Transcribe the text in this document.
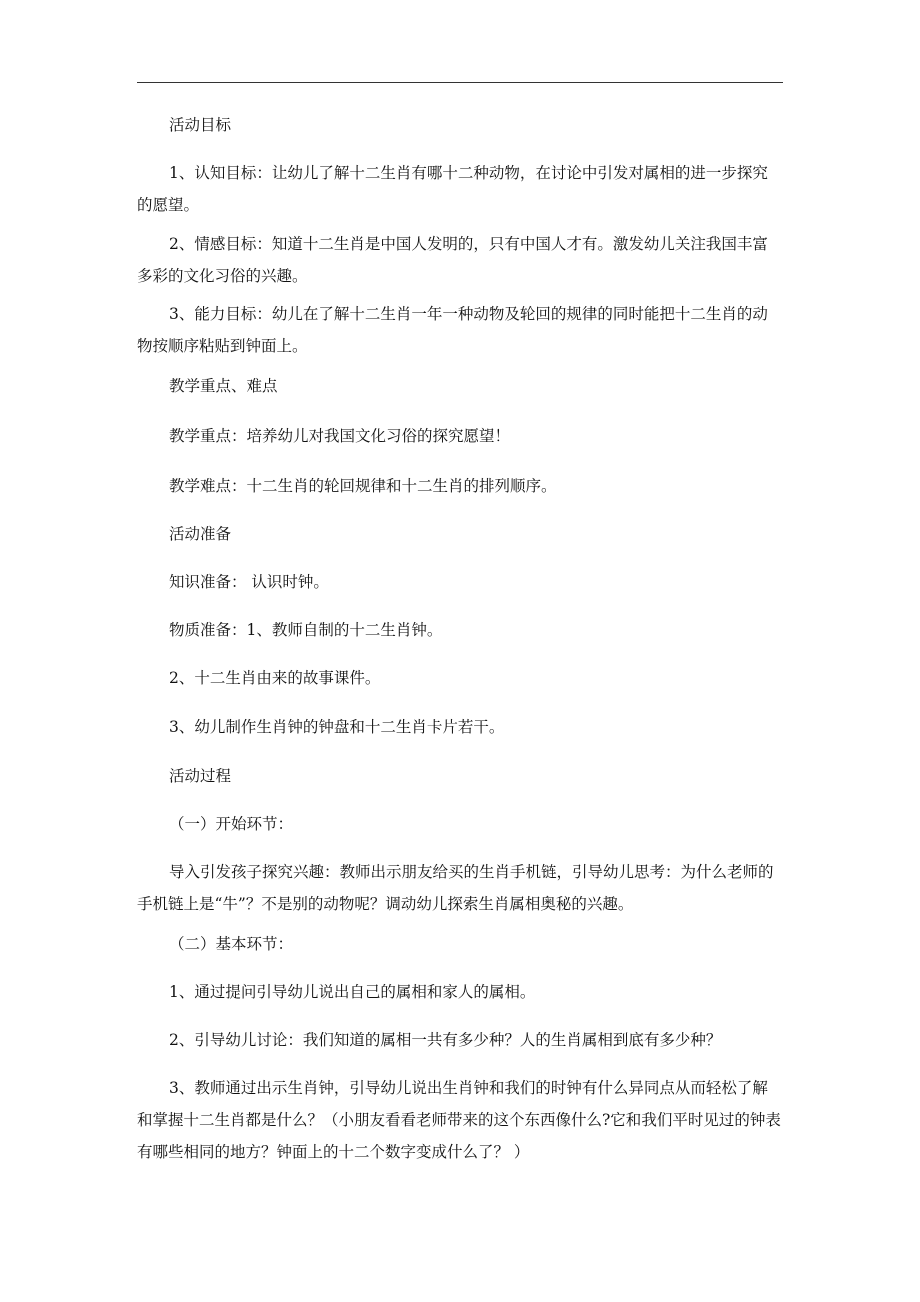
活动目标

1、认知目标：让幼儿了解十二生肖有哪十二种动物，在讨论中引发对属相的进一步探究的愿望。

2、情感目标：知道十二生肖是中国人发明的，只有中国人才有。激发幼儿关注我国丰富多彩的文化习俗的兴趣。

3、能力目标：幼儿在了解十二生肖一年一种动物及轮回的规律的同时能把十二生肖的动物按顺序粘贴到钟面上。

教学重点、难点

教学重点：培养幼儿对我国文化习俗的探究愿望！

教学难点：十二生肖的轮回规律和十二生肖的排列顺序。

活动准备

知识准备： 认识时钟。

物质准备：1、教师自制的十二生肖钟。

2、十二生肖由来的故事课件。

3、幼儿制作生肖钟的钟盘和十二生肖卡片若干。

活动过程

（一）开始环节：

导入引发孩子探究兴趣：教师出示朋友给买的生肖手机链，引导幼儿思考：为什么老师的手机链上是“牛”？不是别的动物呢？调动幼儿探索生肖属相奥秘的兴趣。

（二）基本环节：

1、通过提问引导幼儿说出自己的属相和家人的属相。

2、引导幼儿讨论：我们知道的属相一共有多少种？人的生肖属相到底有多少种？

3、教师通过出示生肖钟，引导幼儿说出生肖钟和我们的时钟有什么异同点从而轻松了解和掌握十二生肖都是什么？（小朋友看看老师带来的这个东西像什么?它和我们平时见过的钟表有哪些相同的地方？钟面上的十二个数字变成什么了？ ）
